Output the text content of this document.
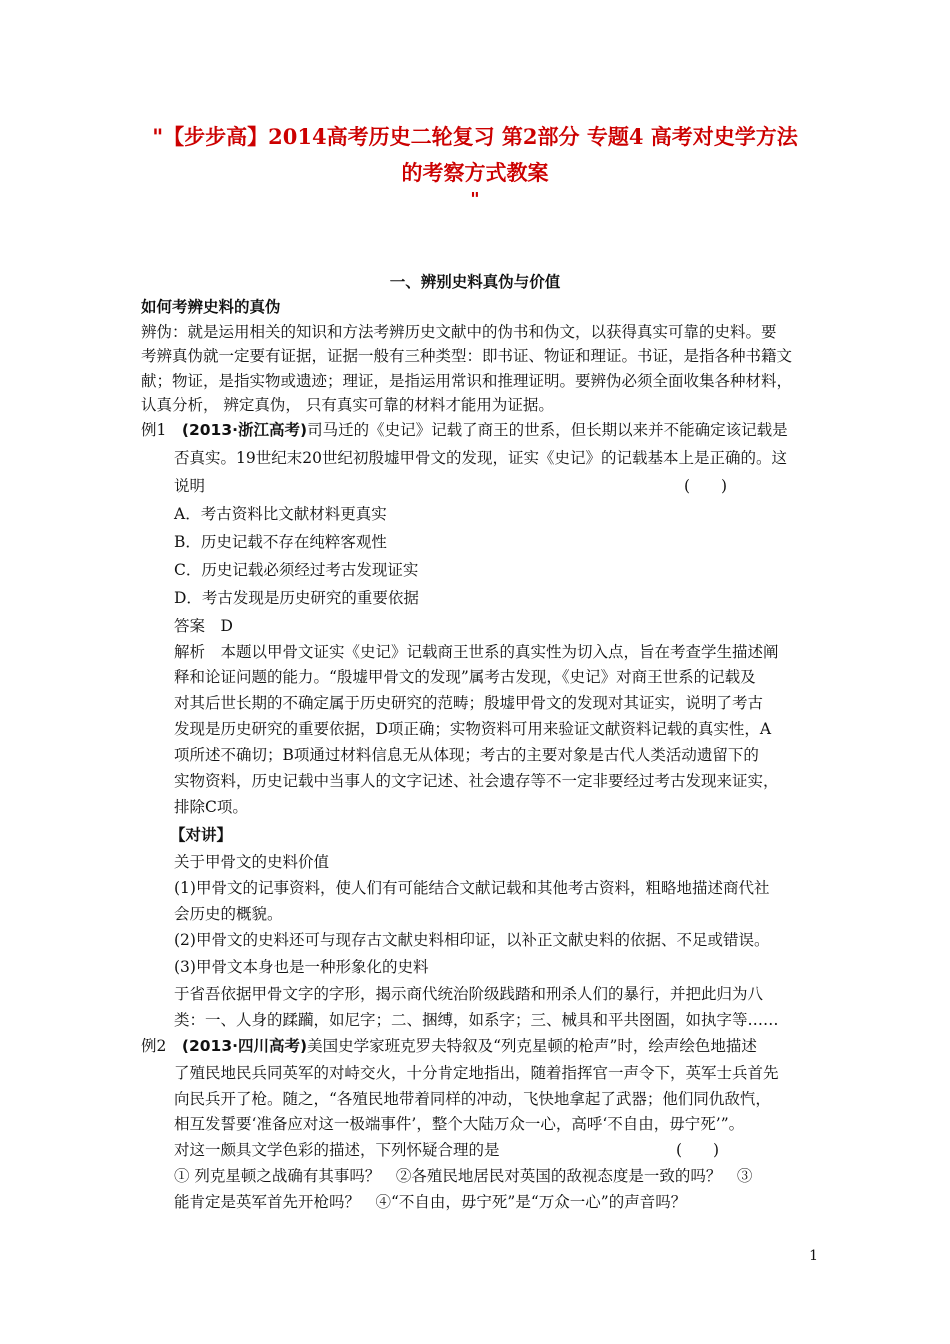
"【步步高】2014高考历史二轮复习 第2部分 专题4 高考对史学方法
的考察方式教案
"
一、辨别史料真伪与价值
如何考辨史料的真伪
辨伪：就是运用相关的知识和方法考辨历史文献中的伪书和伪文，以获得真实可靠的史料。要
考辨真伪就一定要有证据，证据一般有三种类型：即书证、物证和理证。书证，是指各种书籍文
献；物证，是指实物或遗迹；理证，是指运用常识和推理证明。要辨伪必须全面收集各种材料，
认真分析， 辨定真伪， 只有真实可靠的材料才能用为证据。
例1  (2013·浙江高考)司马迁的《史记》记载了商王的世系，但长期以来并不能确定该记载是
否真实。19世纪末20世纪初殷墟甲骨文的发现，证实《史记》的记载基本上是正确的。这
说明	(　　)
A．考古资料比文献材料更真实
B．历史记载不存在纯粹客观性
C．历史记载必须经过考古发现证实
D．考古发现是历史研究的重要依据
答案  D
解析  本题以甲骨文证实《史记》记载商王世系的真实性为切入点，旨在考查学生描述阐
释和论证问题的能力。“殷墟甲骨文的发现”属考古发现，《史记》对商王世系的记载及
对其后世长期的不确定属于历史研究的范畴；殷墟甲骨文的发现对其证实，说明了考古
发现是历史研究的重要依据，D项正确；实物资料可用来验证文献资料记载的真实性，A
项所述不确切；B项通过材料信息无从体现；考古的主要对象是古代人类活动遗留下的
实物资料，历史记载中当事人的文字记述、社会遗存等不一定非要经过考古发现来证实，
排除C项。
【对讲】
关于甲骨文的史料价值
(1)甲骨文的记事资料，使人们有可能结合文献记载和其他考古资料，粗略地描述商代社
会历史的概貌。
(2)甲骨文的史料还可与现存古文献史料相印证，以补正文献史料的依据、不足或错误。
(3)甲骨文本身也是一种形象化的史料
于省吾依据甲骨文字的字形，揭示商代统治阶级践踏和刑杀人们的暴行，并把此归为八
类：一、人身的蹂躏，如尼字；二、捆缚，如系字；三、械具和平共囹圄，如执字等……
例2  (2013·四川高考)美国史学家班克罗夫特叙及“列克星顿的枪声”时，绘声绘色地描述
了殖民地民兵同英军的对峙交火，十分肯定地指出，随着指挥官一声令下，英军士兵首先
向民兵开了枪。随之，“各殖民地带着同样的冲动，飞快地拿起了武器；他们同仇敌忾，
相互发誓要‘准备应对这一极端事件’，整个大陆万众一心，高呼‘不自由，毋宁死’”。
对这一颇具文学色彩的描述，下列怀疑合理的是	(　　)
① 列克星顿之战确有其事吗？　②各殖民地居民对英国的敌视态度是一致的吗？　③
能肯定是英军首先开枪吗？　④“不自由，毋宁死”是“万众一心”的声音吗？
1
